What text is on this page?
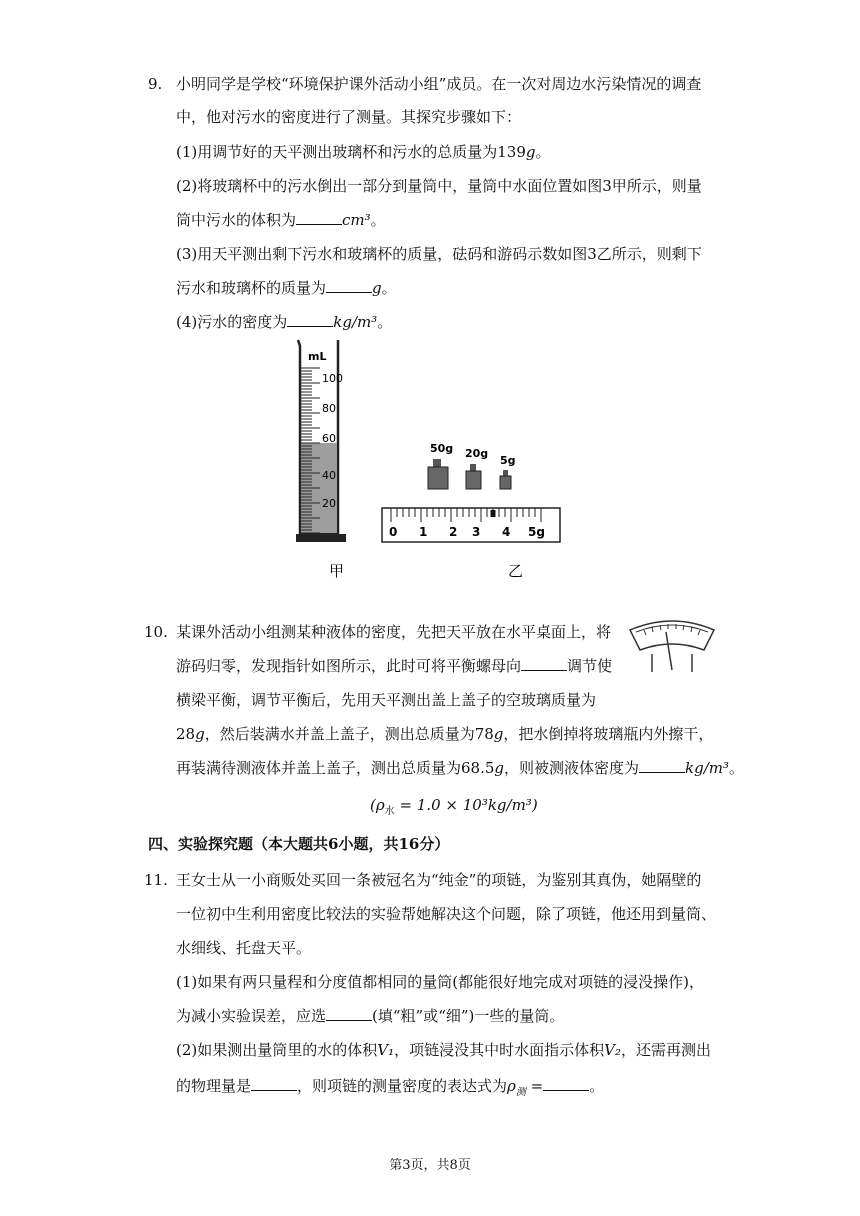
9. 小明同学是学校“环境保护课外活动小组”成员。在一次对周边水污染情况的调查
中，他对污水的密度进行了测量。其探究步骤如下：
(1)用调节好的天平测出玻璃杯和污水的总质量为139g。
(2)将玻璃杯中的污水倒出一部分到量筒中，量筒中水面位置如图3甲所示，则量
筒中污水的体积为	cm³。
(3)用天平测出剩下污水和玻璃杯的质量，砝码和游码示数如图3乙所示，则剩下
污水和玻璃杯的质量为	g。
(4)污水的密度为	kg/m³。
mL
100
80
60
40
20
50g 20g
5g
0 1 2 3 4 5g
甲	乙
10. 某课外活动小组测某种液体的密度，先把天平放在水平桌面上，将
游码归零，发现指针如图所示，此时可将平衡螺母向	调节使
横梁平衡，调节平衡后，先用天平测出盖上盖子的空玻璃质量为
28g，然后装满水并盖上盖子，测出总质量为78g，把水倒掉将玻璃瓶内外擦干，
再装满待测液体并盖上盖子，测出总质量为68.5g，则被测液体密度为	kg/m³。
$(\rho_水 = 1.0 \times 10^3kg/m^3)$
四、实验探究题（本大题共6小题，共16分）
11. 王女士从一小商贩处买回一条被冠名为“纯金”的项链，为鉴别其真伪，她隔壁的
一位初中生利用密度比较法的实验帮她解决这个问题，除了项链，他还用到量筒、
水细线、托盘天平。
(1)如果有两只量程和分度值都相同的量筒(都能很好地完成对项链的浸没操作)，
为减小实验误差，应选	(填“粗”或“细”)一些的量筒。
(2)如果测出量筒里的水的体积V₁，项链浸没其中时水面指示体积V₂，还需再测出
的物理量是	，则项链的测量密度的表达式为$\rho_测$ =	。
第3页，共8页
